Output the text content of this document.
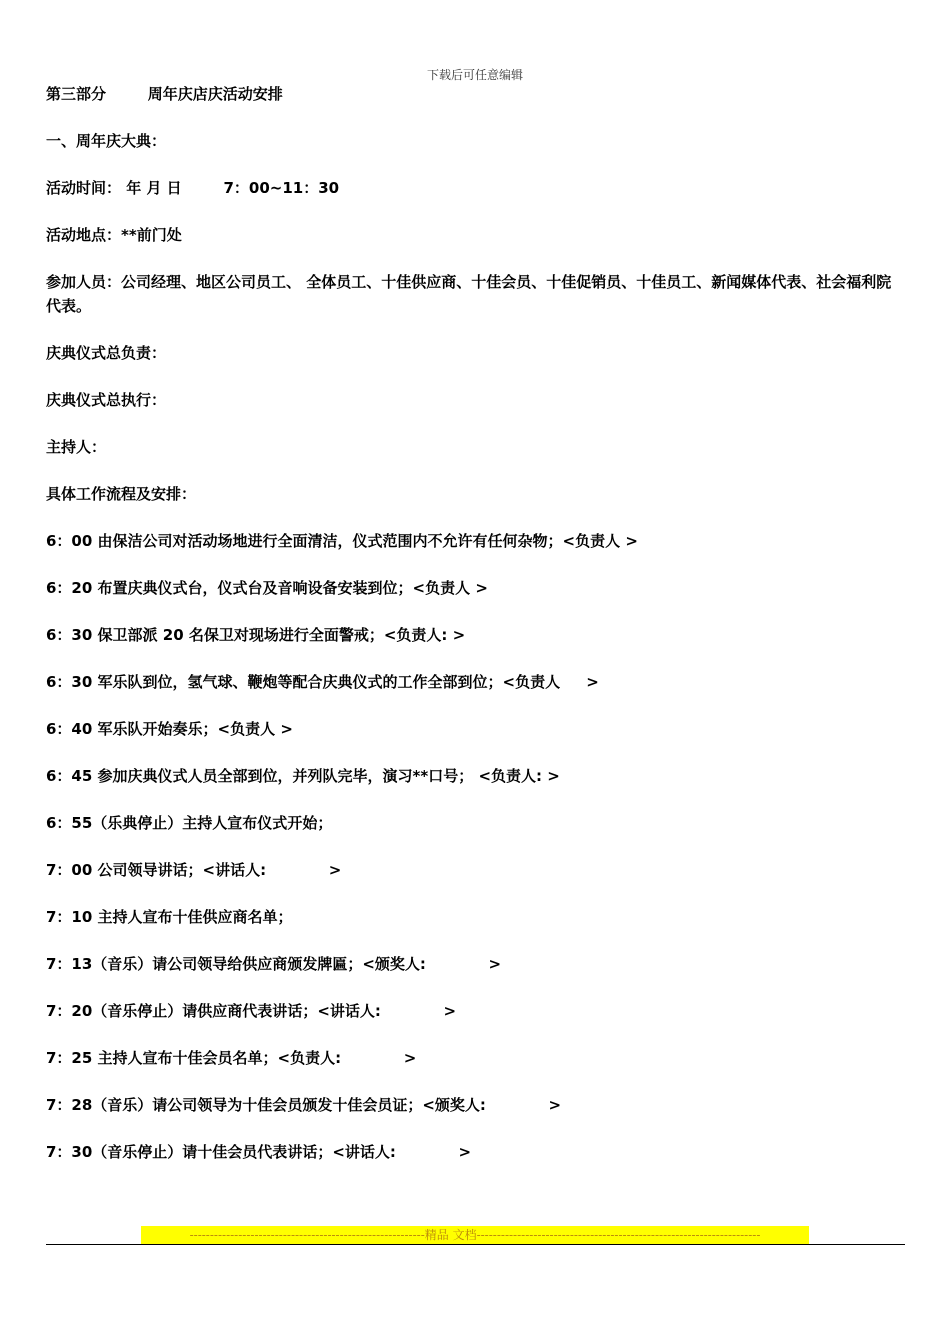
下载后可任意编辑

第三部分        周年庆店庆活动安排

一、周年庆大典：

活动时间： 年 月 日        7：00~11：30

活动地点：**前门处

参加人员：公司经理、地区公司员工、 全体员工、十佳供应商、十佳会员、十佳促销员、十佳员工、新闻媒体代表、社会福利院代表。

庆典仪式总负责：

庆典仪式总执行：

主持人：

具体工作流程及安排：

6：00 由保洁公司对活动场地进行全面清洁，仪式范围内不允许有任何杂物；<负责人 >

6：20 布置庆典仪式台，仪式台及音响设备安装到位；<负责人 >

6：30 保卫部派 20 名保卫对现场进行全面警戒；<负责人: >

6：30 军乐队到位，氢气球、鞭炮等配合庆典仪式的工作全部到位；<负责人     >

6：40 军乐队开始奏乐；<负责人 >

6：45 参加庆典仪式人员全部到位，并列队完毕，演习**口号； <负责人: >

6：55（乐典停止）主持人宣布仪式开始；

7：00 公司领导讲话；<讲话人:            >

7：10 主持人宣布十佳供应商名单；

7：13（音乐）请公司领导给供应商颁发牌匾；<颁奖人:            >

7：20（音乐停止）请供应商代表讲话；<讲话人:            >

7：25 主持人宣布十佳会员名单；<负责人:            >

7：28（音乐）请公司领导为十佳会员颁发十佳会员证；<颁奖人:            >

7：30（音乐停止）请十佳会员代表讲话；<讲话人:            >

----------------------------------------------------------精品 文档----------------------------------------------------------------------
